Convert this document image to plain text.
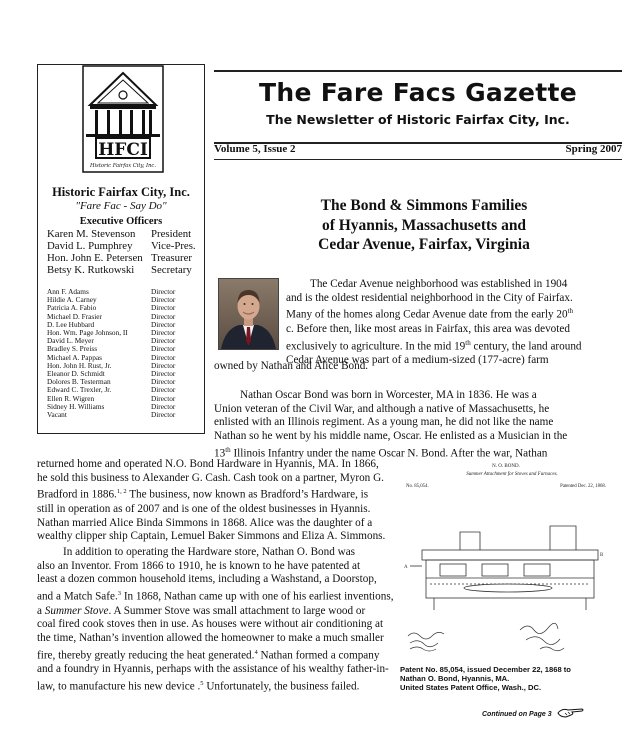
HFCI
Historic Fairfax City, Inc.
Historic Fairfax City, Inc.
"Fare Fac - Say Do"
Executive Officers
Karen M. Stevenson President
David L. Pumphrey Vice-Pres.
Hon. John E. Petersen Treasurer
Betsy K. Rutkowski Secretary
Ann F. Adams	Director
Hildie A. Carney	Director
Patricia A. Fabio	Director
Michael D. Frasier	Director
D. Lee Hubbard	Director
Hon. Wm. Page Johnson, II	Director
David L. Meyer	Director
Bradley S. Preiss	Director
Michael A. Pappas	Director
Hon. John H. Rust, Jr.	Director
Eleanor D. Schmidt	Director
Dolores B. Testerman	Director
Edward C. Trexler, Jr.	Director
Ellen R. Wigren	Director
Sidney H. Williams	Director
Vacant	Director
The Fare Facs Gazette
The Newsletter of Historic Fairfax City, Inc.
Volume 5, Issue 2	Spring 2007
The Bond & Simmons Families
of Hyannis, Massachusetts and
Cedar Avenue, Fairfax, Virginia
The Cedar Avenue neighborhood was established in 1904
and is the oldest residential neighborhood in the City of Fairfax.
Many of the homes along Cedar Avenue date from the early 20th
c. Before then, like most areas in Fairfax, this area was devoted
exclusively to agriculture. In the mid 19th century, the land around
Cedar Avenue was part of a medium-sized (177-acre) farm
owned by Nathan and Alice Bond.
Nathan Oscar Bond was born in Worcester, MA in 1836. He was a
Union veteran of the Civil War, and although a native of Massachusetts, he
enlisted with an Illinois regiment. As a young man, he did not like the name
Nathan so he went by his middle name, Oscar. He enlisted as a Musician in the
13th Illinois Infantry under the name Oscar N. Bond. After the war, Nathan
returned home and operated N.O. Bond Hardware in Hyannis, MA. In 1866,
he sold this business to Alexander G. Cash. Cash took on a partner, Myron G.
Bradford in 1886.$^{1, 2}$ The business, now known as Bradford’s Hardware, is
still in operation as of 2007 and is one of the oldest businesses in Hyannis.
Nathan married Alice Binda Simmons in 1868. Alice was the daughter of a
wealthy clipper ship Captain, Lemuel Baker Simmons and Eliza A. Simmons.
In addition to operating the Hardware store, Nathan O. Bond was
also an Inventor. From 1866 to 1910, he is known to he have patented at
least a dozen common household items, including a Washstand, a Doorstop,
and a Match Safe.$^3$ In 1868, Nathan came up with one of his earliest inventions,
a Summer Stove. A Summer Stove was small attachment to large wood or
coal fired cook stoves then in use. As houses were without air conditioning at
the time, Nathan’s invention allowed the homeowner to make a much smaller
fire, thereby greatly reducing the heat generated.$^4$ Nathan formed a company
and a foundry in Hyannis, perhaps with the assistance of his wealthy father-in-
law, to manufacture his new device .$^5$ Unfortunately, the business failed.
N. O. BOND.
Summer Attachment for Stoves and Furnaces.
No. 85,054.	Patented Dec. 22, 1868.
A
B
Patent No. 85,054, issued December 22, 1868 to
Nathan O. Bond, Hyannis, MA.
United States Patent Office, Wash., DC.
Continued on Page 3
